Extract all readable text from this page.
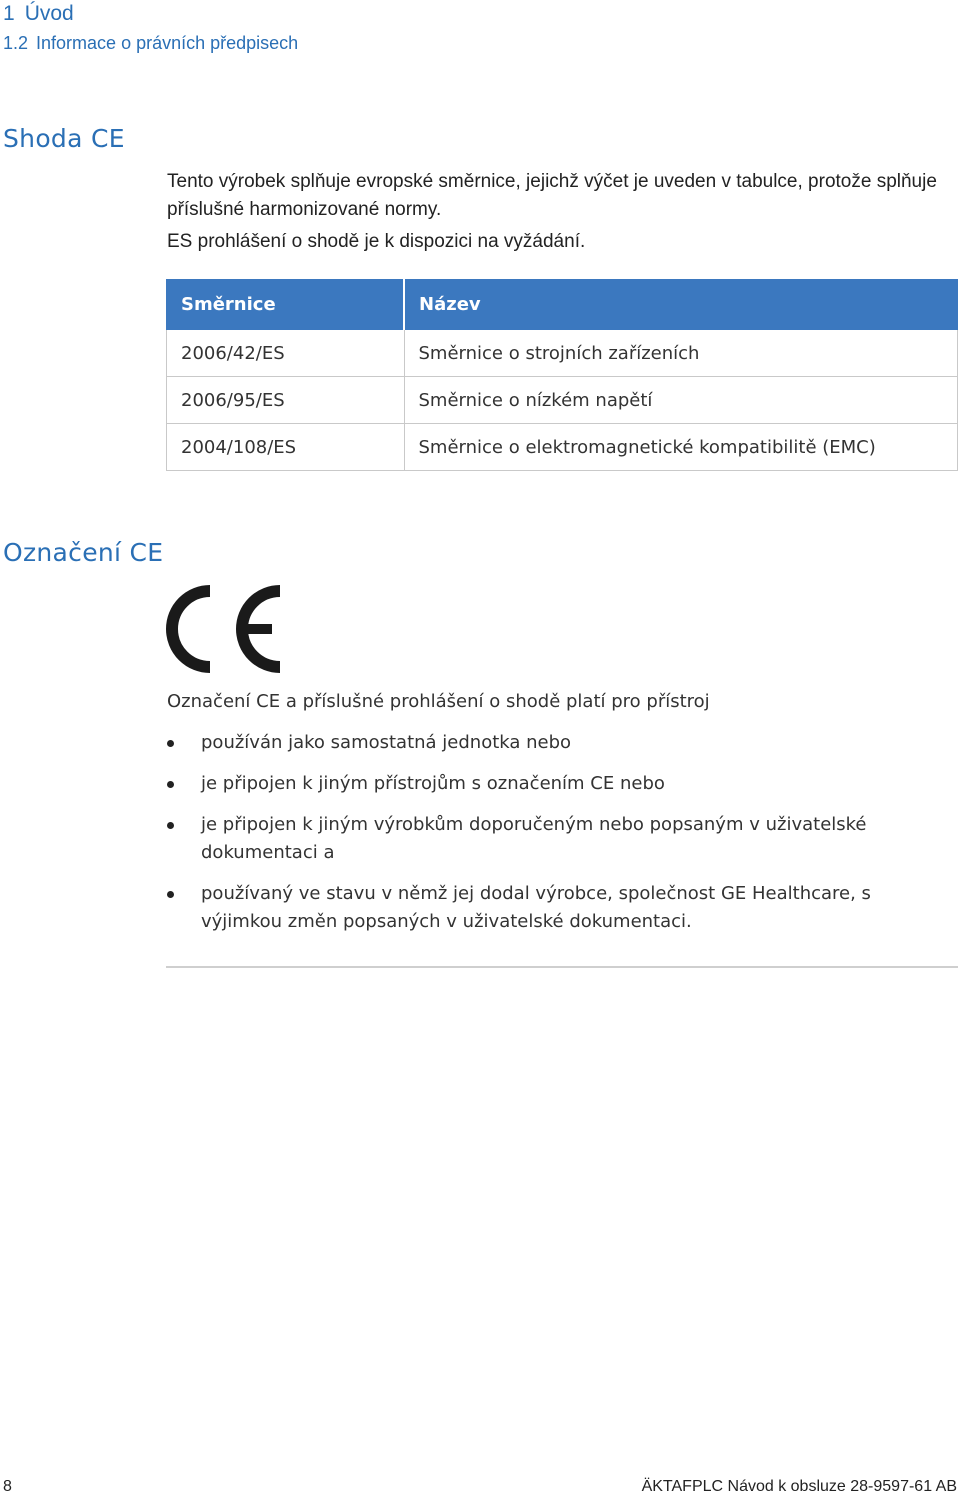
1 Úvod
1.2 Informace o právních předpisech
Shoda CE

Tento výrobek splňuje evropské směrnice, jejichž výčet je uveden v tabulce, protože splňuje příslušné harmonizované normy.

ES prohlášení o shodě je k dispozici na vyžádání.

Směrnice	Název
2006/42/ES	Směrnice o strojních zařízeních
2006/95/ES	Směrnice o nízkém napětí
2004/108/ES	Směrnice o elektromagnetické kompatibilitě (EMC)
Označení CE

Označení CE a příslušné prohlášení o shodě platí pro přístroj

používán jako samostatná jednotka nebo
je připojen k jiným přístrojům s označením CE nebo
je připojen k jiným výrobkům doporučeným nebo popsaným v uživatelské dokumentaci a
používaný ve stavu v němž jej dodal výrobce, společnost GE Healthcare, s výjimkou změn popsaných v uživatelské dokumentaci.
8	ÄKTAFPLC Návod k obsluze 28-9597-61 AB
